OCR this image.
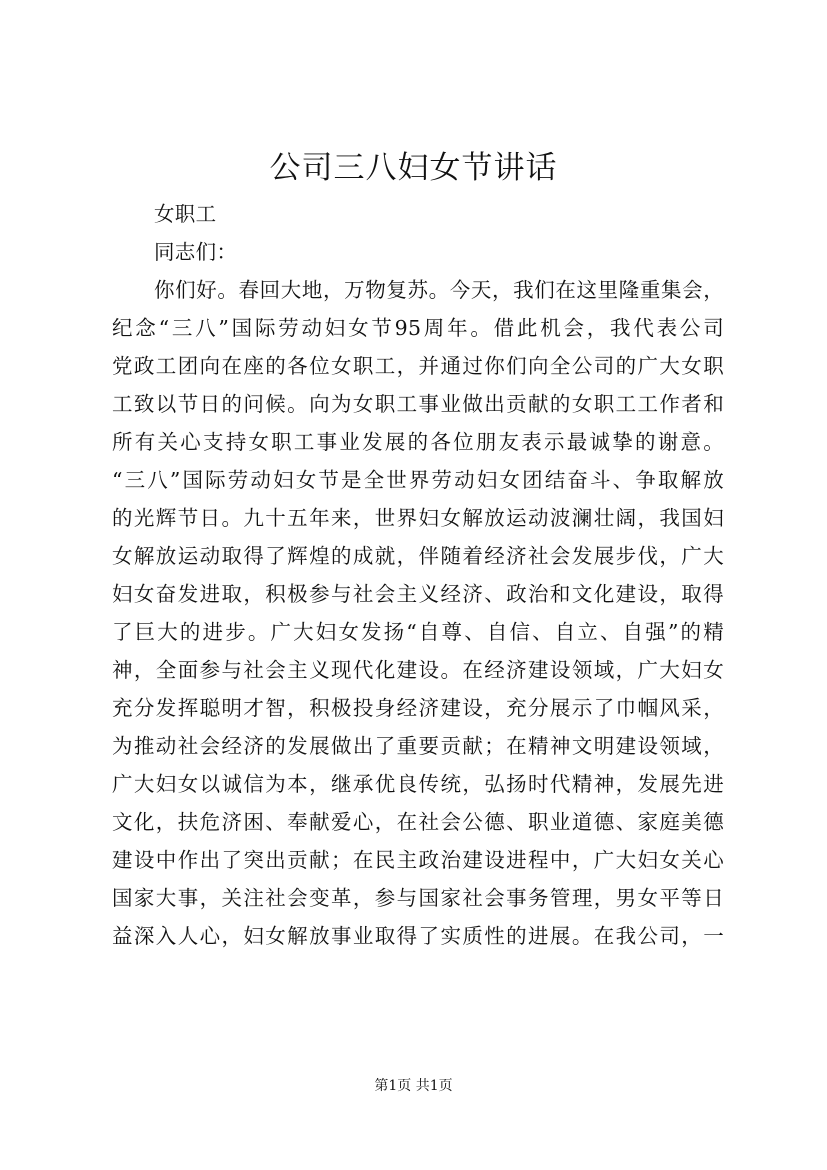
公司三八妇女节讲话
女职工
同志们：
你们好。春回大地，万物复苏。今天，我们在这里隆重集会，
纪念“三八”国际劳动妇女节95周年。借此机会，我代表公司
党政工团向在座的各位女职工，并通过你们向全公司的广大女职
工致以节日的问候。向为女职工事业做出贡献的女职工工作者和
所有关心支持女职工事业发展的各位朋友表示最诚挚的谢意。
“三八”国际劳动妇女节是全世界劳动妇女团结奋斗、争取解放
的光辉节日。九十五年来，世界妇女解放运动波澜壮阔，我国妇
女解放运动取得了辉煌的成就，伴随着经济社会发展步伐，广大
妇女奋发进取，积极参与社会主义经济、政治和文化建设，取得
了巨大的进步。广大妇女发扬“自尊、自信、自立、自强”的精
神，全面参与社会主义现代化建设。在经济建设领域，广大妇女
充分发挥聪明才智，积极投身经济建设，充分展示了巾帼风采，
为推动社会经济的发展做出了重要贡献；在精神文明建设领域，
广大妇女以诚信为本，继承优良传统，弘扬时代精神，发展先进
文化，扶危济困、奉献爱心，在社会公德、职业道德、家庭美德
建设中作出了突出贡献；在民主政治建设进程中，广大妇女关心
国家大事，关注社会变革，参与国家社会事务管理，男女平等日
益深入人心，妇女解放事业取得了实质性的进展。在我公司，一
第1页 共1页
